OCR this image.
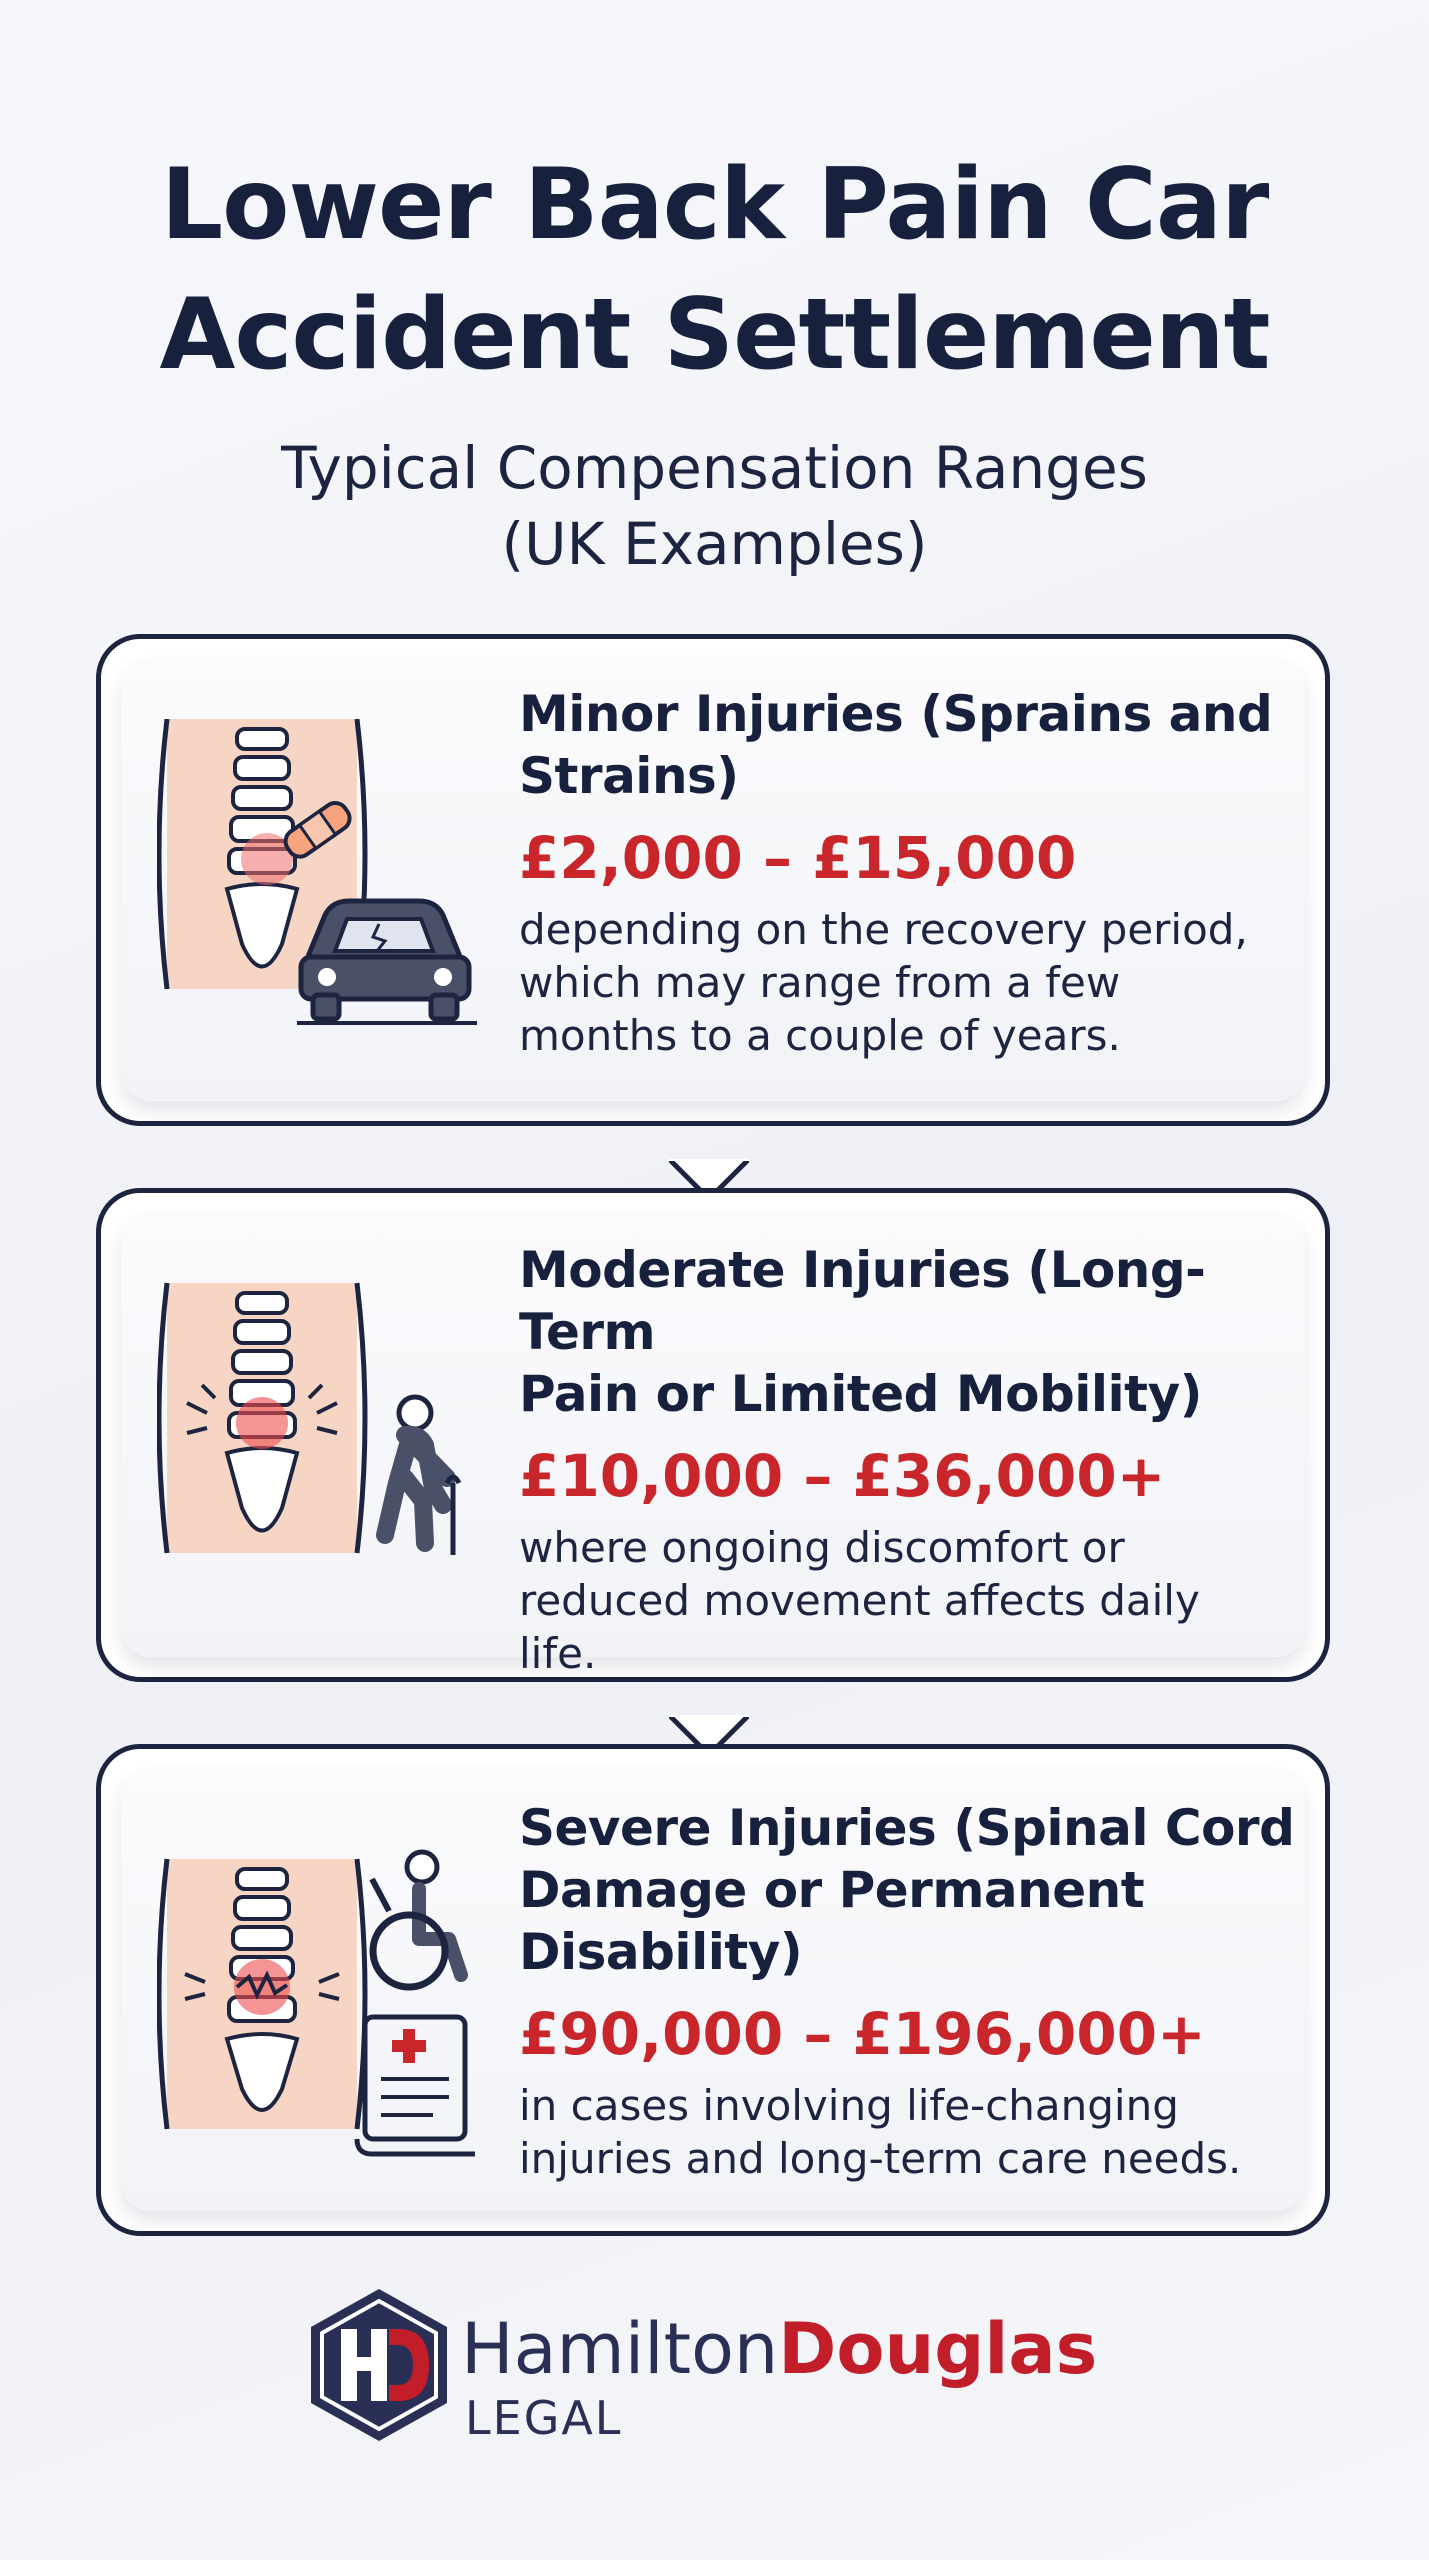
Lower Back Pain Car
Accident Settlement
Typical Compensation Ranges
(UK Examples)
Minor Injuries (Sprains and
Strains)
£2,000 – £15,000

depending on the recovery period,
which may range from a few
months to a couple of years.

Moderate Injuries (Long-Term
Pain or Limited Mobility)
£10,000 – £36,000+

where ongoing discomfort or
reduced movement affects daily
life.

Severe Injuries (Spinal Cord
Damage or Permanent Disability)
£90,000 – £196,000+

in cases involving life-changing
injuries and long-term care needs.

HamiltonDouglas
LEGAL
